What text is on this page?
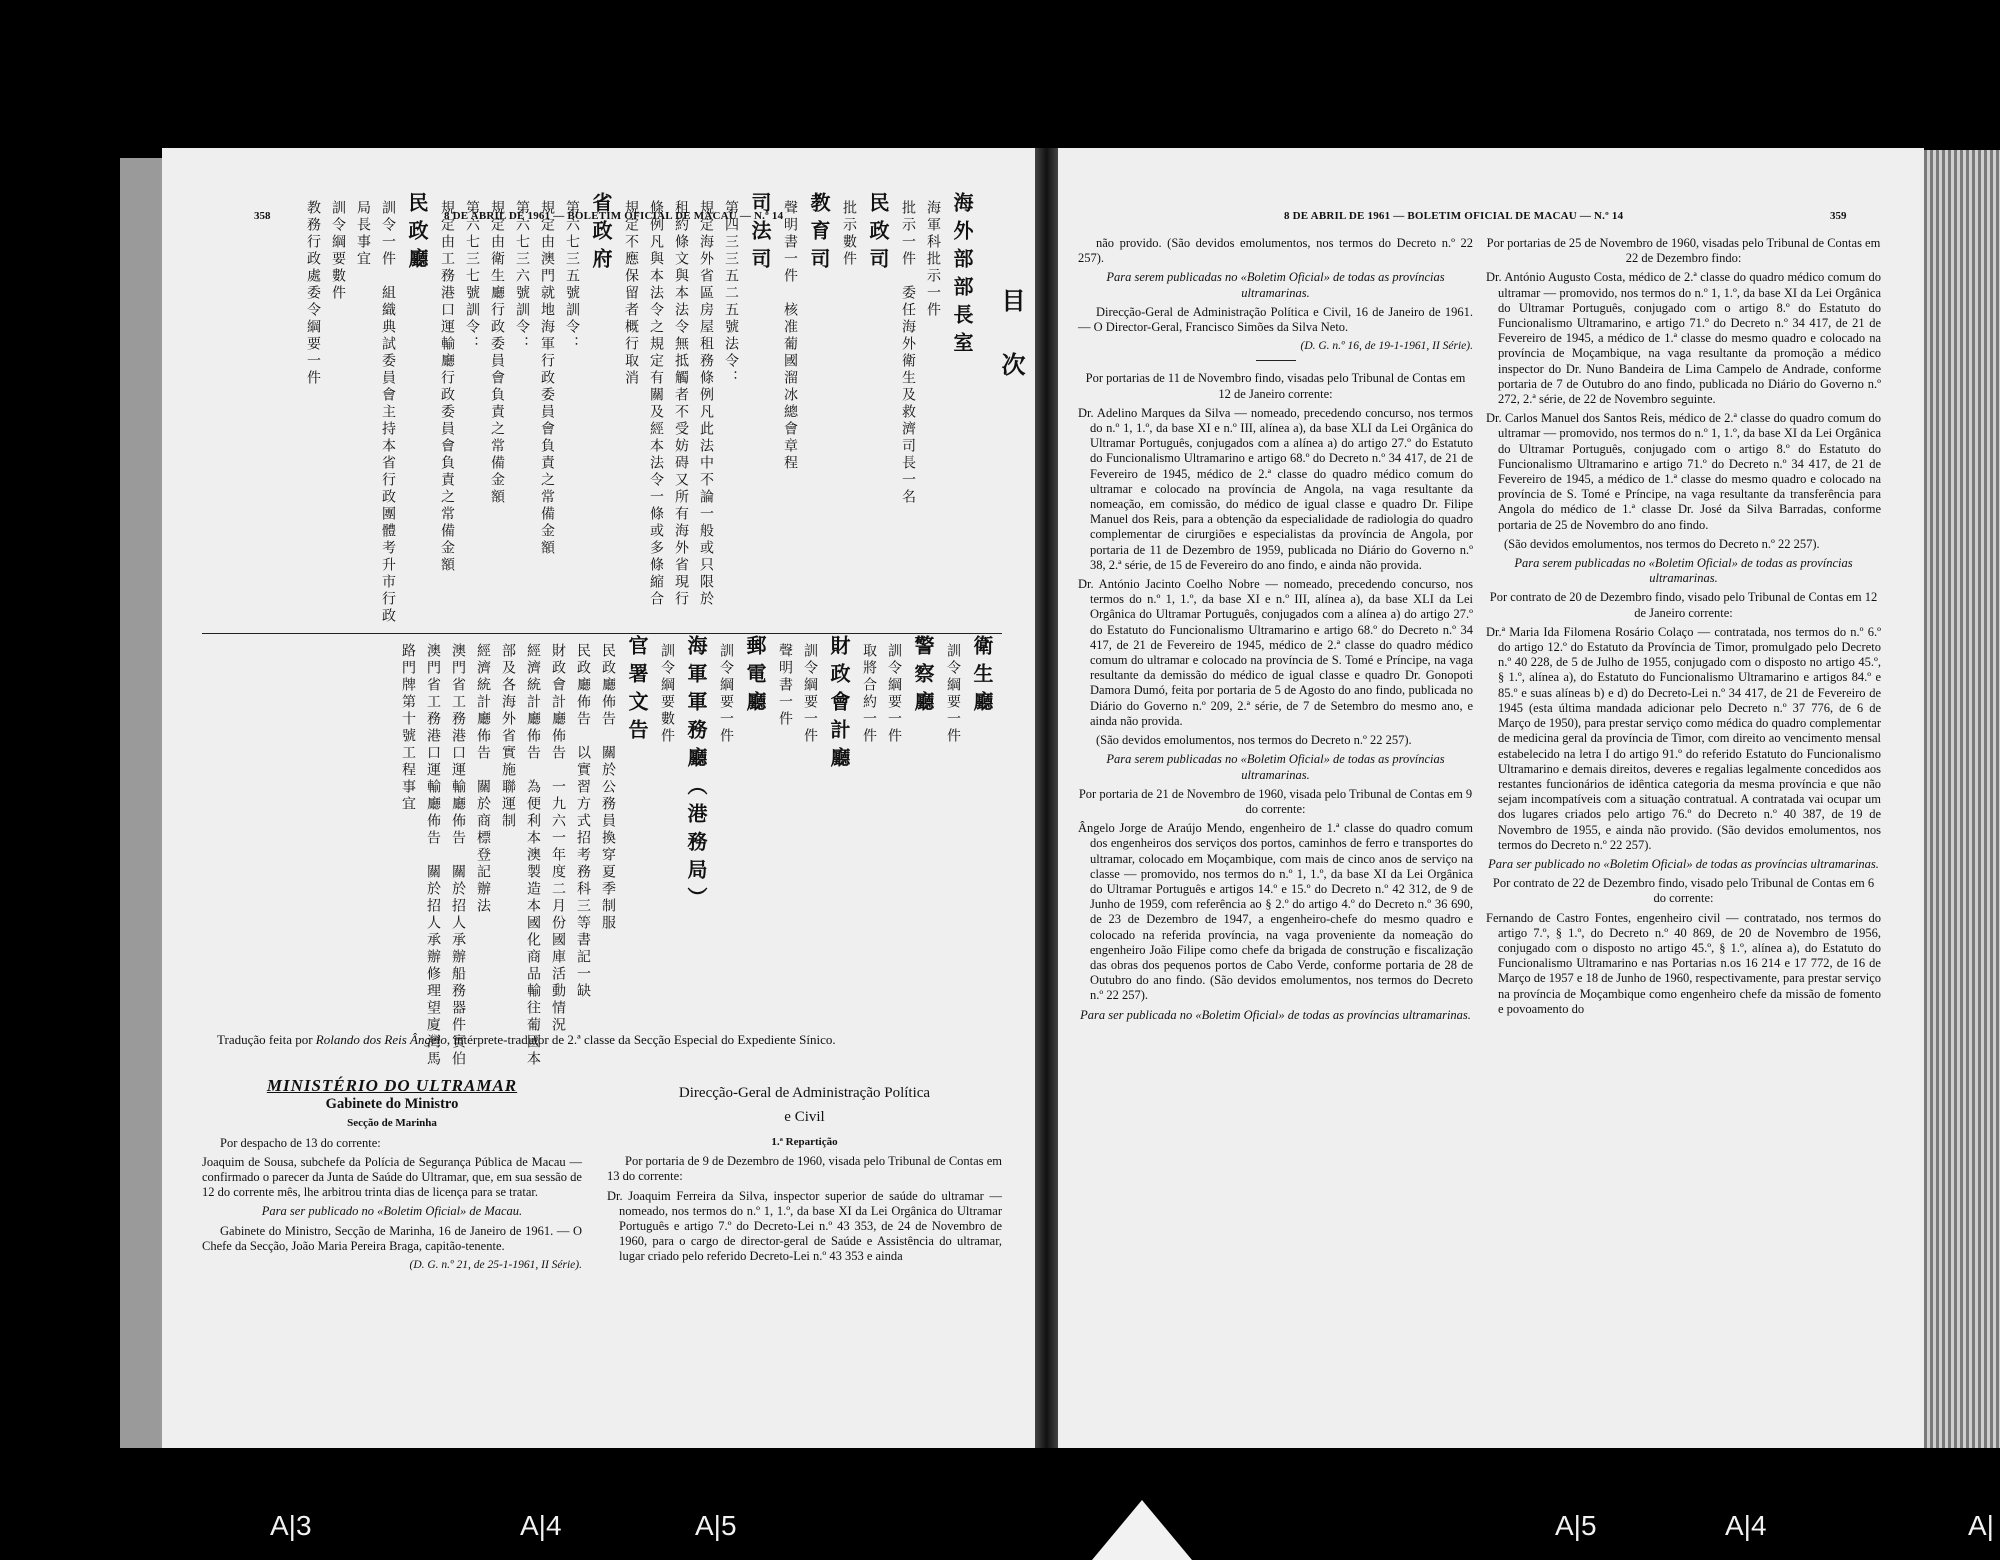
358	8 DE ABRIL DE 1961 — BOLETIM OFICIAL DE MACAU — N.º 14
目　次
海外部部長室
海軍科批示一件
批示一件　委任海外衛生及救濟司長一名
民政司
批示數件
教育司
聲明書一件　核准葡國溜冰總會章程
司法司
第四三三五二五號法令：
規定海外省區房屋租務條例凡此法中不論一般或只限於
租約條文與本法令無抵觸者不受妨碍又所有海外省現行
條例凡與本法令之規定有關及經本法令一條或多條縮合
規定不應保留者概行取消
省政府
第六七三五號訓令：
規定由澳門就地海軍行政委員會負責之常備金額
第六七三六號訓令：
規定由衛生廳行政委員會負責之常備金額
第六七三七號訓令：
規定由工務港口運輸廳行政委員會負責之常備金額
民政廳
訓令一件　組織典試委員會主持本省行政團體考升市行政
局長事宜
訓令綱要數件
教務行政處委令綱要一件
衛生廳
訓令綱要一件
警察廳
訓令綱要一件
取將合約一件
財政會計廳
訓令綱要一件
聲明書一件
郵電廳
訓令綱要一件
海軍軍務廳（港務局）
訓令綱要數件
官署文告
民政廳佈告　關於公務員換穿夏季制服
民政廳佈告　以實習方式招考務科三等書記一缺
財政會計廳佈告　一九六一年度二月份國庫活動情況
經濟統計廳佈告　為便利本澳製造本國化商品輸往葡國本
部及各海外省實施聯運制
經濟統計廳佈告　關於商標登記辦法
澳門省工務港口運輸廳佈告　關於招人承辦船務器件實伯
澳門省工務港口運輸廳佈告　關於招人承辦修理望廈灣馬
路門牌第十號工程事宜
Tradução feita por Rolando dos Reis Ângelo, intérprete-tradutor de 2.ª classe da Secção Especial do Expediente Sínico.

MINISTÉRIO DO ULTRAMAR

Gabinete do Ministro

Secção de Marinha

Por despacho de 13 do corrente:

Joaquim de Sousa, subchefe da Polícia de Segurança Pública de Macau — confirmado o parecer da Junta de Saúde do Ultramar, que, em sua sessão de 12 do corrente mês, lhe arbitrou trinta dias de licença para se tratar.

Para ser publicado no «Boletim Oficial» de Macau.

Gabinete do Ministro, Secção de Marinha, 16 de Janeiro de 1961. — O Chefe da Secção, João Maria Pereira Braga, capitão-tenente.

(D. G. n.º 21, de 25-1-1961, II Série).

Direcção-Geral de Administração Política

e Civil

1.ª Repartição

Por portaria de 9 de Dezembro de 1960, visada pelo Tribunal de Contas em 13 do corrente:

Dr. Joaquim Ferreira da Silva, inspector superior de saúde do ultramar — nomeado, nos termos do n.º 1, 1.º, da base XI da Lei Orgânica do Ultramar Português e artigo 7.º do Decreto-Lei n.º 43 353, de 24 de Novembro de 1960, para o cargo de director-geral de Saúde e Assistência do ultramar, lugar criado pelo referido Decreto-Lei n.º 43 353 e ainda

8 DE ABRIL DE 1961 — BOLETIM OFICIAL DE MACAU — N.º 14	359

não provido. (São devidos emolumentos, nos termos do Decreto n.º 22 257).

Para serem publicadas no «Boletim Oficial» de todas as províncias ultramarinas.

Direcção-Geral de Administração Política e Civil, 16 de Janeiro de 1961. — O Director-Geral, Francisco Simões da Silva Neto.

(D. G. n.º 16, de 19-1-1961, II Série).

Por portarias de 11 de Novembro findo, visadas pelo Tribunal de Contas em 12 de Janeiro corrente:

Dr. Adelino Marques da Silva — nomeado, precedendo concurso, nos termos do n.º 1, 1.º, da base XI e n.º III, alínea a), da base XLI da Lei Orgânica do Ultramar Português, conjugados com a alínea a) do artigo 27.º do Estatuto do Funcionalismo Ultramarino e artigo 68.º do Decreto n.º 34 417, de 21 de Fevereiro de 1945, médico de 2.ª classe do quadro médico comum do ultramar e colocado na província de Angola, na vaga resultante da nomeação, em comissão, do médico de igual classe e quadro Dr. Filipe Manuel dos Reis, para a obtenção da especialidade de radiologia do quadro complementar de cirurgiões e especialistas da província de Angola, por portaria de 11 de Dezembro de 1959, publicada no Diário do Governo n.º 38, 2.ª série, de 15 de Fevereiro do ano findo, e ainda não provida.

Dr. António Jacinto Coelho Nobre — nomeado, precedendo concurso, nos termos do n.º 1, 1.º, da base XI e n.º III, alínea a), da base XLI da Lei Orgânica do Ultramar Português, conjugados com a alínea a) do artigo 27.º do Estatuto do Funcionalismo Ultramarino e artigo 68.º do Decreto n.º 34 417, de 21 de Fevereiro de 1945, médico de 2.ª classe do quadro médico comum do ultramar e colocado na província de S. Tomé e Príncipe, na vaga resultante da demissão do médico de igual classe e quadro Dr. Gonopoti Damora Dumó, feita por portaria de 5 de Agosto do ano findo, publicada no Diário do Governo n.º 209, 2.ª série, de 7 de Setembro do mesmo ano, e ainda não provida.

(São devidos emolumentos, nos termos do Decreto n.º 22 257).

Para serem publicadas no «Boletim Oficial» de todas as províncias ultramarinas.

Por portaria de 21 de Novembro de 1960, visada pelo Tribunal de Contas em 9 do corrente:

Ângelo Jorge de Araújo Mendo, engenheiro de 1.ª classe do quadro comum dos engenheiros dos serviços dos portos, caminhos de ferro e transportes do ultramar, colocado em Moçambique, com mais de cinco anos de serviço na classe — promovido, nos termos do n.º 1, 1.º, da base XI da Lei Orgânica do Ultramar Português e artigos 14.º e 15.º do Decreto n.º 42 312, de 9 de Junho de 1959, com referência ao § 2.º do artigo 4.º do Decreto n.º 36 690, de 23 de Dezembro de 1947, a engenheiro-chefe do mesmo quadro e colocado na referida província, na vaga proveniente da nomeação do engenheiro João Filipe como chefe da brigada de construção e fiscalização das obras dos pequenos portos de Cabo Verde, conforme portaria de 28 de Outubro do ano findo. (São devidos emolumentos, nos termos do Decreto n.º 22 257).

Para ser publicada no «Boletim Oficial» de todas as províncias ultramarinas.

Por portarias de 25 de Novembro de 1960, visadas pelo Tribunal de Contas em 22 de Dezembro findo:

Dr. António Augusto Costa, médico de 2.ª classe do quadro médico comum do ultramar — promovido, nos termos do n.º 1, 1.º, da base XI da Lei Orgânica do Ultramar Português, conjugado com o artigo 8.º do Estatuto do Funcionalismo Ultramarino, e artigo 71.º do Decreto n.º 34 417, de 21 de Fevereiro de 1945, a médico de 1.ª classe do mesmo quadro e colocado na província de Moçambique, na vaga resultante da promoção a médico inspector do Dr. Nuno Bandeira de Lima Campelo de Andrade, conforme portaria de 7 de Outubro do ano findo, publicada no Diário do Governo n.º 272, 2.ª série, de 22 de Novembro seguinte.

Dr. Carlos Manuel dos Santos Reis, médico de 2.ª classe do quadro comum do ultramar — promovido, nos termos do n.º 1, 1.º, da base XI da Lei Orgânica do Ultramar Português, conjugado com o artigo 8.º do Estatuto do Funcionalismo Ultramarino e artigo 71.º do Decreto n.º 34 417, de 21 de Fevereiro de 1945, a médico de 1.ª classe do mesmo quadro e colocado na província de S. Tomé e Príncipe, na vaga resultante da transferência para Angola do médico de 1.ª classe Dr. José da Silva Barradas, conforme portaria de 25 de Novembro do ano findo.

(São devidos emolumentos, nos termos do Decreto n.º 22 257).

Para serem publicadas no «Boletim Oficial» de todas as províncias ultramarinas.

Por contrato de 20 de Dezembro findo, visado pelo Tribunal de Contas em 12 de Janeiro corrente:

Dr.ª Maria Ida Filomena Rosário Colaço — contratada, nos termos do n.º 6.º do artigo 12.º do Estatuto da Província de Timor, promulgado pelo Decreto n.º 40 228, de 5 de Julho de 1955, conjugado com o disposto no artigo 45.º, § 1.º, alínea a), do Estatuto do Funcionalismo Ultramarino e artigos 84.º e 85.º e suas alíneas b) e d) do Decreto-Lei n.º 34 417, de 21 de Fevereiro de 1945 (esta última mandada adicionar pelo Decreto n.º 37 776, de 6 de Março de 1950), para prestar serviço como médica do quadro complementar de medicina geral da província de Timor, com direito ao vencimento mensal estabelecido na letra I do artigo 91.º do referido Estatuto do Funcionalismo Ultramarino e demais direitos, deveres e regalias legalmente concedidos aos restantes funcionários de idêntica categoria da mesma província e que não sejam incompatíveis com a situação contratual. A contratada vai ocupar um dos lugares criados pelo artigo 76.º do Decreto n.º 40 387, de 19 de Novembro de 1955, e ainda não provido. (São devidos emolumentos, nos termos do Decreto n.º 22 257).

Para ser publicado no «Boletim Oficial» de todas as províncias ultramarinas.

Por contrato de 22 de Dezembro findo, visado pelo Tribunal de Contas em 6 do corrente:

Fernando de Castro Fontes, engenheiro civil — contratado, nos termos do artigo 7.º, § 1.º, do Decreto n.º 40 869, de 20 de Novembro de 1956, conjugado com o disposto no artigo 45.º, § 1.º, alínea a), do Estatuto do Funcionalismo Ultramarino e nas Portarias n.os 16 214 e 17 772, de 16 de Março de 1957 e 18 de Junho de 1960, respectivamente, para prestar serviço na província de Moçambique como engenheiro chefe da missão de fomento e povoamento do

A|3	A|4	A|5	A|5	A|4	A|
